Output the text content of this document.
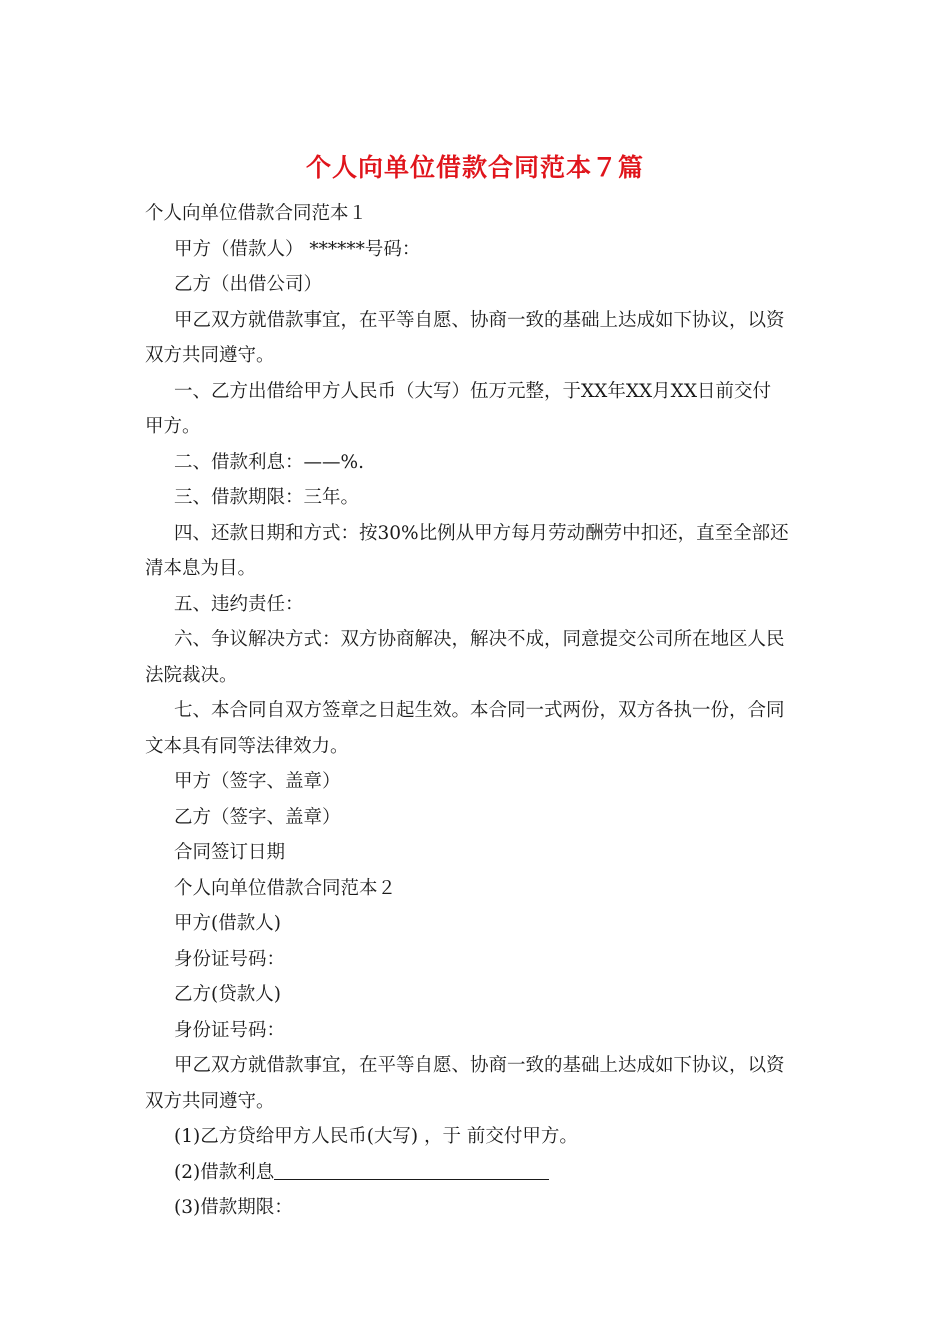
个人向单位借款合同范本７篇
个人向单位借款合同范本１
甲方（借款人） ******号码：
乙方（出借公司）
甲乙双方就借款事宜，在平等自愿、协商一致的基础上达成如下协议，以资
双方共同遵守。
一、乙方出借给甲方人民币（大写）伍万元整，于XX年XX月XX日前交付
甲方。
二、借款利息：——%.
三、借款期限：三年。
四、还款日期和方式：按30%比例从甲方每月劳动酬劳中扣还，直至全部还
清本息为目。
五、违约责任：
六、争议解决方式：双方协商解决，解决不成，同意提交公司所在地区人民
法院裁决。
七、本合同自双方签章之日起生效。本合同一式两份，双方各执一份，合同
文本具有同等法律效力。
甲方（签字、盖章）
乙方（签字、盖章）
合同签订日期
个人向单位借款合同范本２
甲方(借款人)
身份证号码：
乙方(贷款人)
身份证号码：
甲乙双方就借款事宜，在平等自愿、协商一致的基础上达成如下协议，以资
双方共同遵守。
(1)乙方贷给甲方人民币(大写) ，于 前交付甲方。
(2)借款利息
(3)借款期限：
